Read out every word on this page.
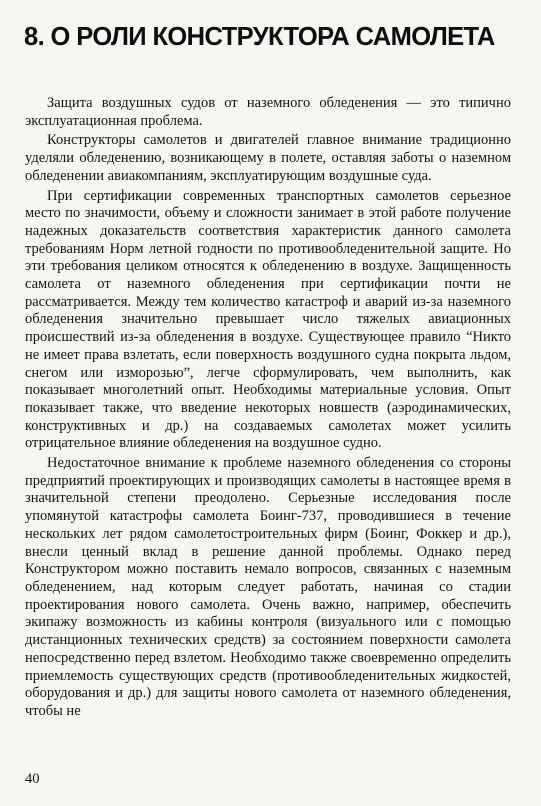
8. О РОЛИ КОНСТРУКТОРА САМОЛЕТА

Защита воздушных судов от наземного обледенения — это типично эксплуатационная проблема.

Конструкторы самолетов и двигателей главное внимание традиционно уделяли обледенению, возникающему в полете, оставляя заботы о наземном обледенении авиакомпаниям, эксплуатирующим воздушные суда.

При сертификации современных транспортных самолетов серьезное место по значимости, объему и сложности занимает в этой работе получение надежных доказательств соответствия характеристик данного самолета требованиям Норм летной годности по противообледенительной защите. Но эти требования целиком относятся к обледенению в воздухе. Защищенность самолета от наземного обледенения при сертификации почти не рассматривается. Между тем количество катастроф и аварий из-за наземного обледенения значительно превышает число тяжелых авиационных происшествий из-за обледенения в воздухе. Существующее правило “Никто не имеет права взлетать, если поверхность воздушного судна покрыта льдом, снегом или изморозью”, легче сформулировать, чем выполнить, как показывает многолетний опыт. Необходимы материальные условия. Опыт показывает также, что введение некоторых новшеств (аэродинамических, конструктивных и др.) на создаваемых самолетах может усилить отрицательное влияние обледенения на воздушное судно.

Недостаточное внимание к проблеме наземного обледенения со стороны предприятий проектирующих и производящих самолеты в настоящее время в значительной степени преодолено. Серьезные исследования после упомянутой катастрофы самолета Боинг-737, проводившиеся в течение нескольких лет рядом самолетостроительных фирм (Боинг, Фоккер и др.), внесли ценный вклад в решение данной проблемы. Однако перед Конструктором можно поставить немало вопросов, связанных с наземным обледенением, над которым следует работать, начиная со стадии проектирования нового самолета. Очень важно, например, обеспечить экипажу возможность из кабины контроля (визуального или с помощью дистанционных технических средств) за состоянием поверхности самолета непосредственно перед взлетом. Необходимо также своевременно определить приемлемость существующих средств (противообледенительных жидкостей, оборудования и др.) для защиты нового самолета от наземного обледенения, чтобы не

40
